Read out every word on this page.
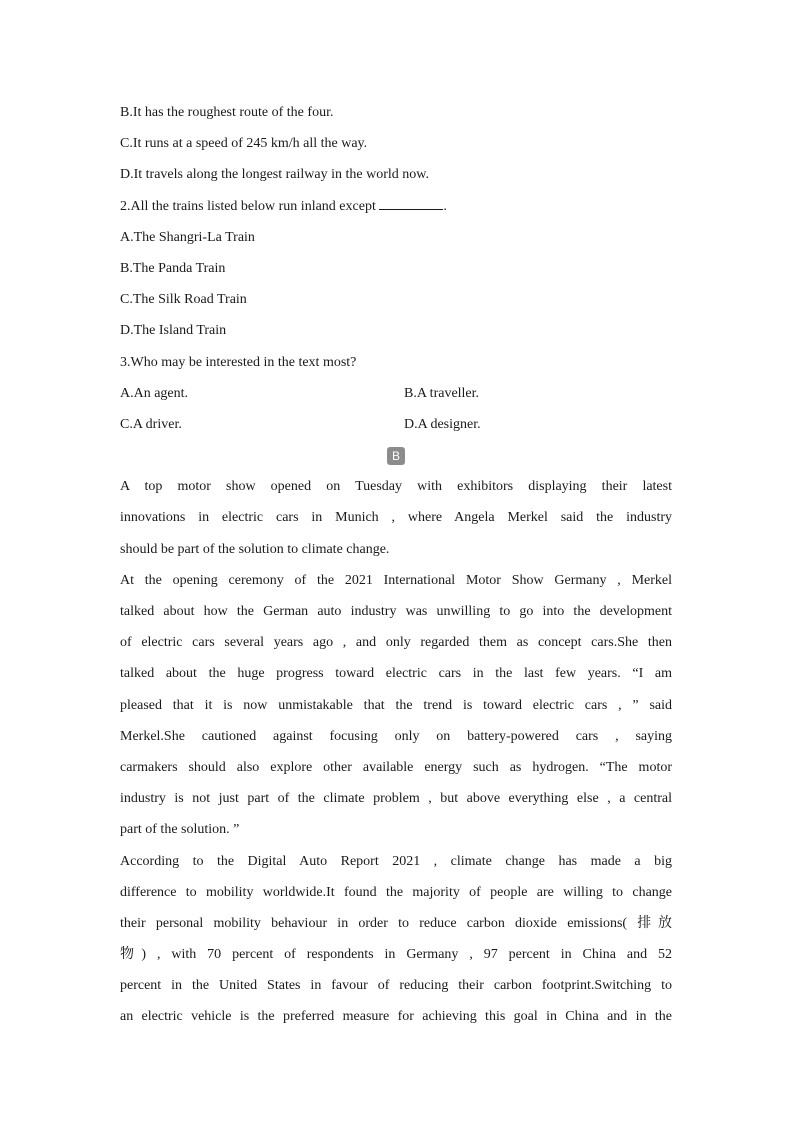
B.It has the roughest route of the four.
C.It runs at a speed of 245 km/h all the way.
D.It travels along the longest railway in the world now.
2.All the trains listed below run inland except	.
A.The Shangri-La Train
B.The Panda Train
C.The Silk Road Train
D.The Island Train
3.Who may be interested in the text most?
A.An agent.	B.A traveller.
C.A driver.	D.A designer.
B
A top motor show opened on Tuesday with exhibitors displaying their latest
innovations in electric cars in Munich , where Angela Merkel said the industry
should be part of the solution to climate change.
At the opening ceremony of the 2021 International Motor Show Germany , Merkel
talked about how the German auto industry was unwilling to go into the development
of electric cars several years ago , and only regarded them as concept cars.She then
talked about the huge progress toward electric cars in the last few years. “I am
pleased that it is now unmistakable that the trend is toward electric cars , ” said
Merkel.She cautioned against focusing only on battery-powered cars , saying
carmakers should also explore other available energy such as hydrogen. “The motor
industry is not just part of the climate problem , but above everything else , a central
part of the solution. ”
According to the Digital Auto Report 2021 , climate change has made a big
difference to mobility worldwide.It found the majority of people are willing to change
their personal mobility behaviour in order to reduce carbon dioxide emissions( 排放
物) , with 70 percent of respondents in Germany , 97 percent in China and 52
percent in the United States in favour of reducing their carbon footprint.Switching to
an electric vehicle is the preferred measure for achieving this goal in China and in the
